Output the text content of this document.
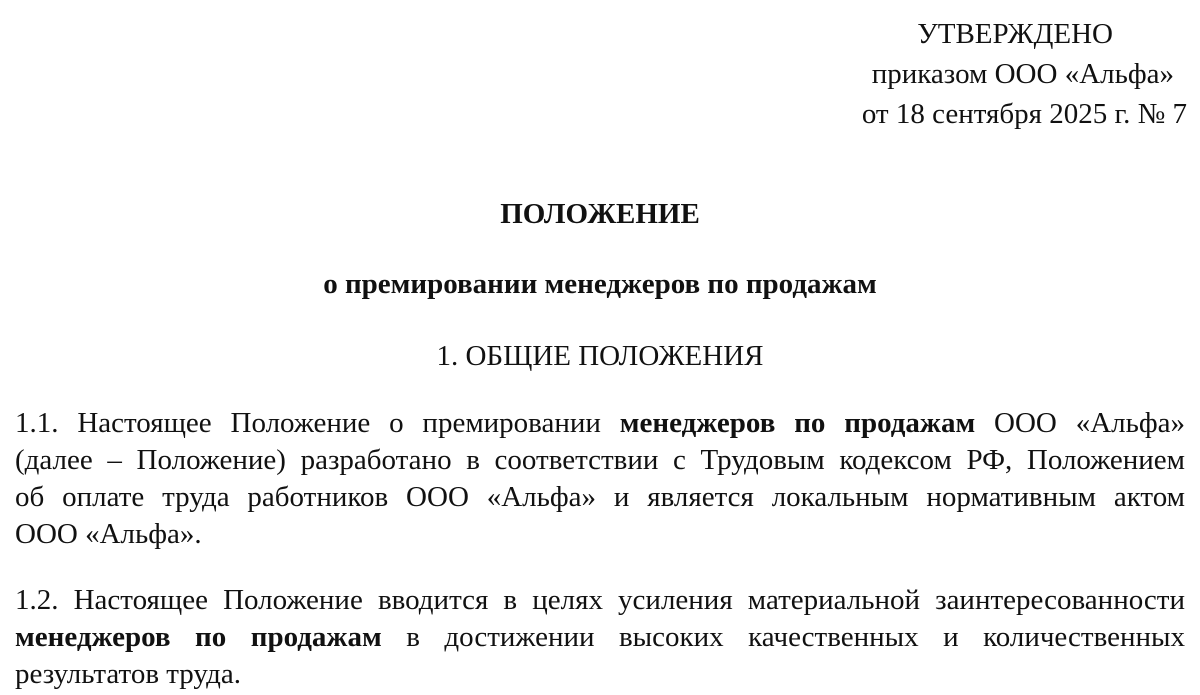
УТВЕРЖДЕНО
приказом ООО «Альфа»
от 18 сентября 2025 г. № 7
ПОЛОЖЕНИЕ
о премировании менеджеров по продажам
1. ОБЩИЕ ПОЛОЖЕНИЯ
1.1. Настоящее Положение о премировании менеджеров по продажам ООО «Альфа»
(далее – Положение) разработано в соответствии с Трудовым кодексом РФ, Положением
об оплате труда работников ООО «Альфа» и является локальным нормативным актом
ООО «Альфа».
1.2. Настоящее Положение вводится в целях усиления материальной заинтересованности
менеджеров по продажам в достижении высоких качественных и количественных
результатов труда.
